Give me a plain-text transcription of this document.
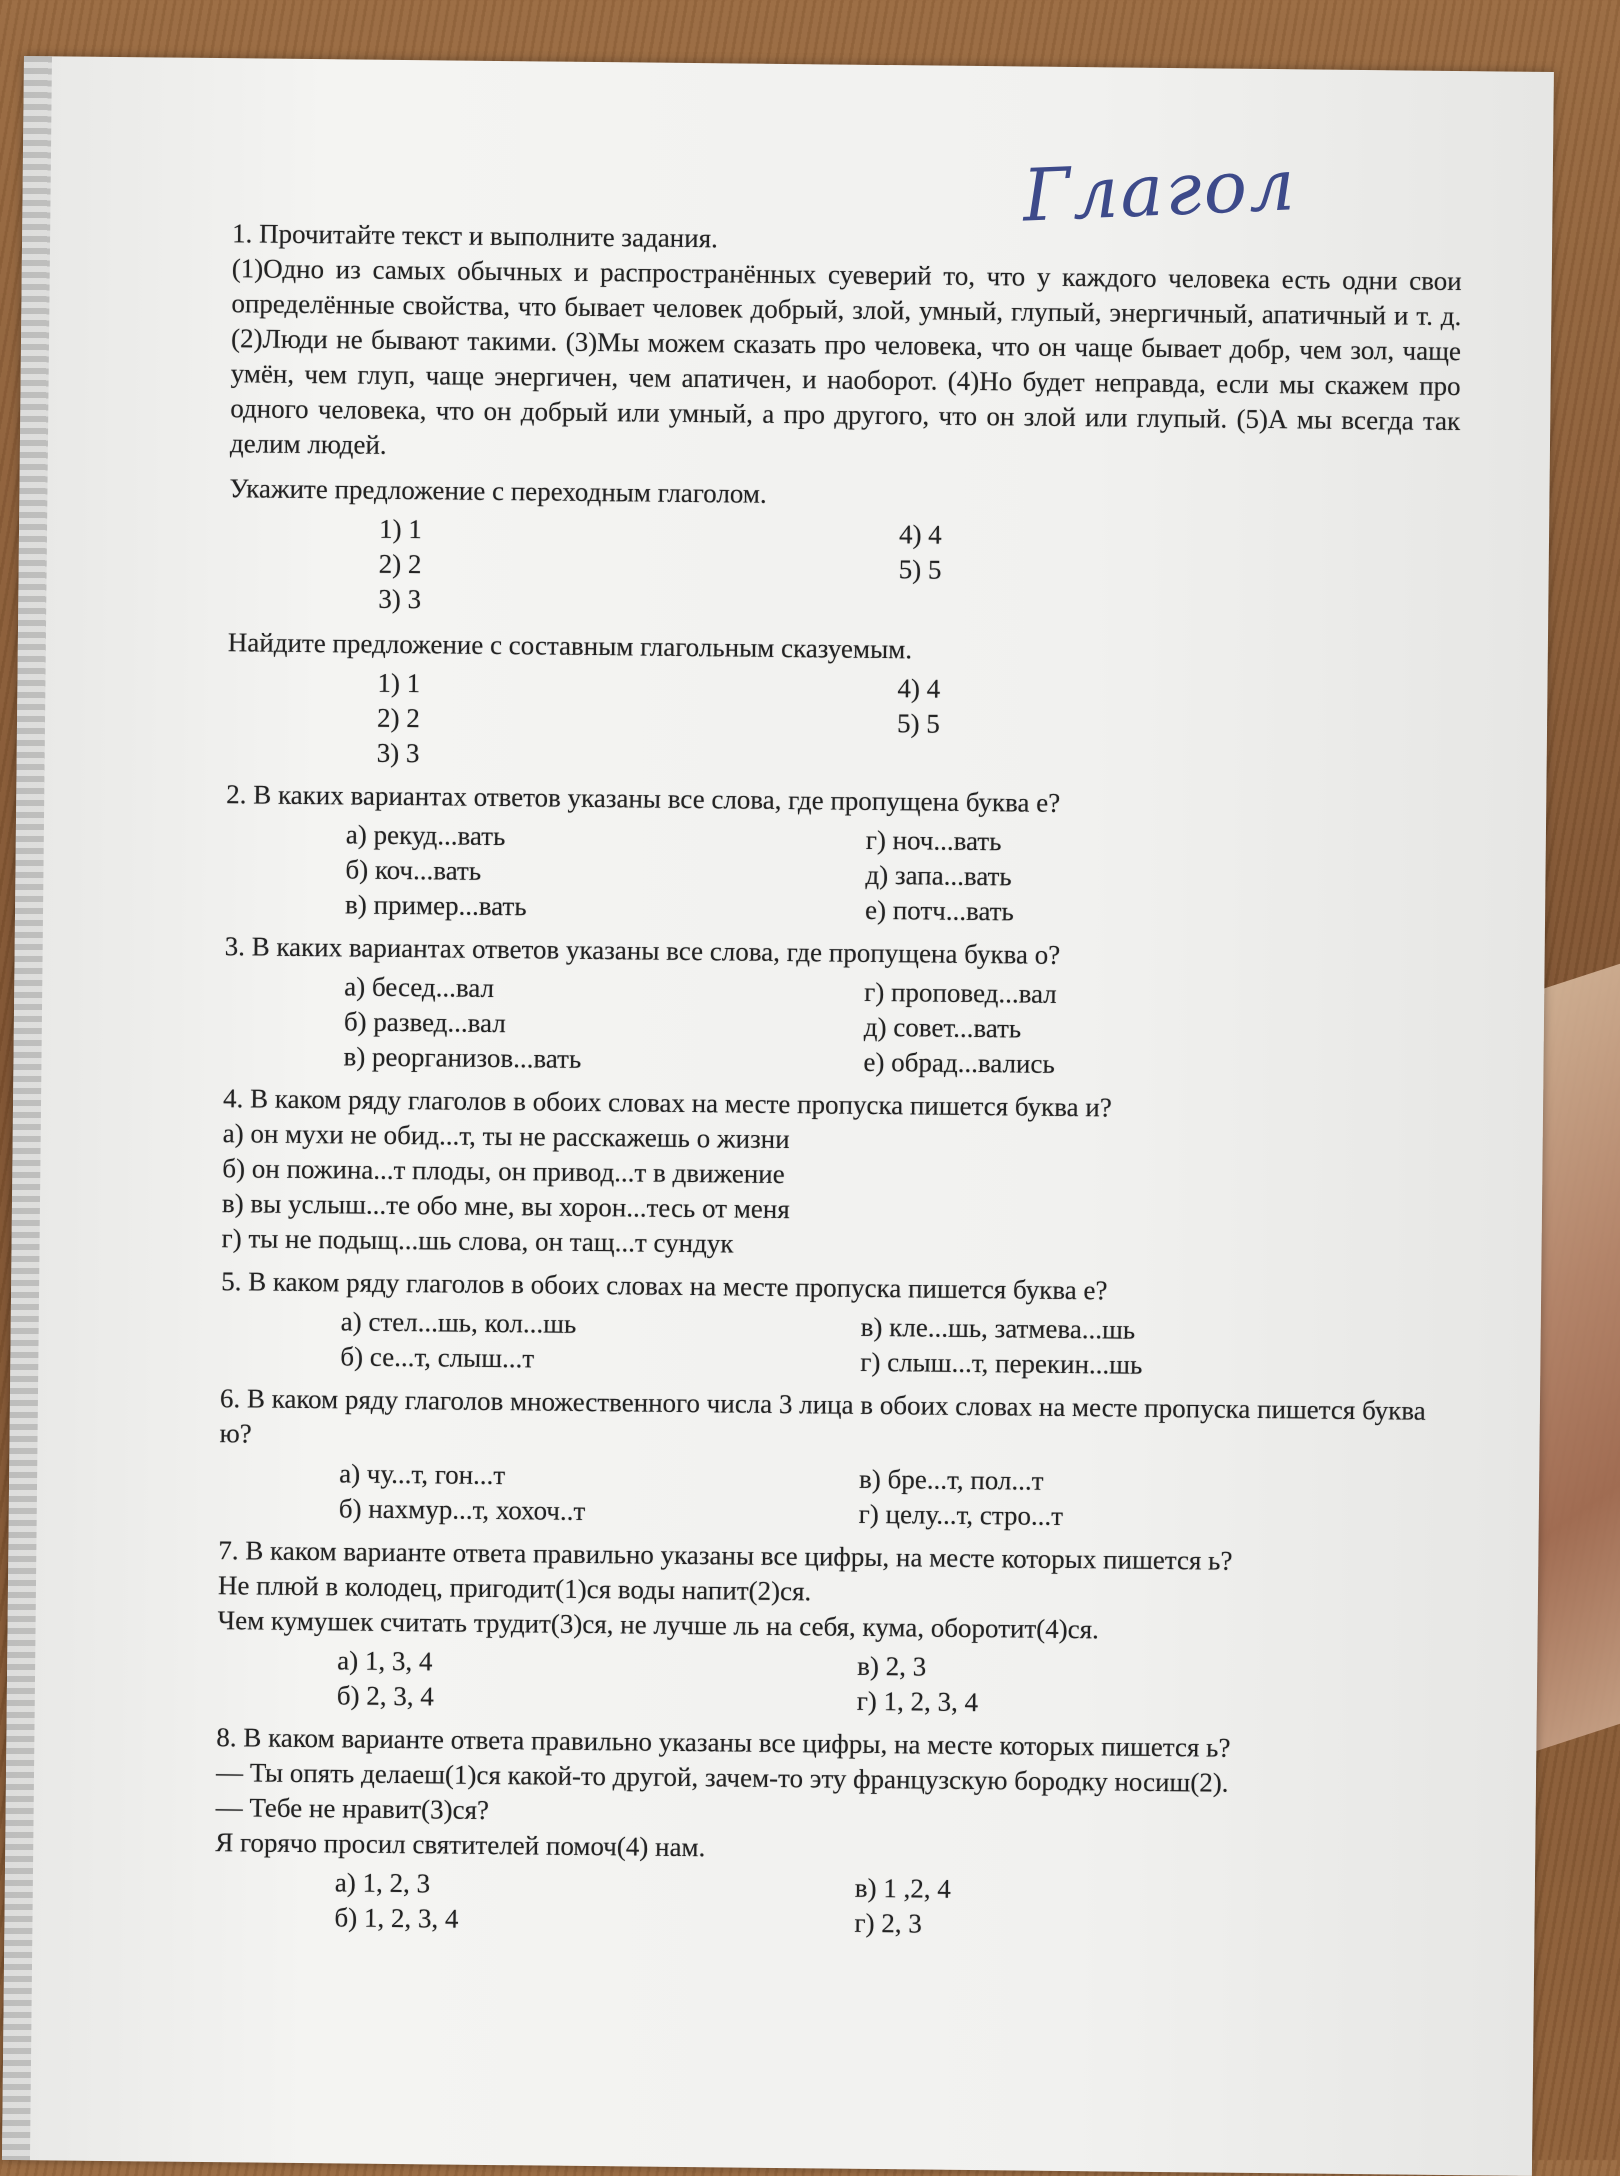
Глагол

1. Прочитайте текст и выполните задания.

(1)Одно из самых обычных и распространённых суеверий то, что у каждого человека есть одни свои определённые свойства, что бывает человек добрый, злой, умный, глупый, энергичный, апатичный и т. д. (2)Люди не бывают такими. (3)Мы можем сказать про человека, что он чаще бывает добр, чем зол, чаще умён, чем глуп, чаще энергичен, чем апатичен, и наоборот. (4)Но будет неправда, если мы скажем про одного человека, что он добрый или умный, а про другого, что он злой или глупый. (5)А мы всегда так делим людей.

Укажите предложение с переходным глаголом.

1) 1	4) 4
2) 2	5) 5
3) 3

Найдите предложение с составным глагольным сказуемым.

1) 1	4) 4
2) 2	5) 5
3) 3

2. В каких вариантах ответов указаны все слова, где пропущена буква е?

а) рекуд...вать	г) ноч...вать
б) коч...вать	д) запа...вать
в) пример...вать	е) потч...вать

3. В каких вариантах ответов указаны все слова, где пропущена буква о?

а) бесед...вал	г) проповед...вал
б) развед...вал	д) совет...вать
в) реорганизов...вать	е) обрад...вались

4. В каком ряду глаголов в обоих словах на месте пропуска пишется буква и?

а) он мухи не обид...т, ты не расскажешь о жизни

б) он пожина...т плоды, он привод...т в движение

в) вы услыш...те обо мне, вы хорон...тесь от меня

г) ты не подыщ...шь слова, он тащ...т сундук

5. В каком ряду глаголов в обоих словах на месте пропуска пишется буква е?

а) стел...шь, кол...шь	в) кле...шь, затмева...шь
б) се...т, слыш...т	г) слыш...т, перекин...шь

6. В каком ряду глаголов множественного числа 3 лица в обоих словах на месте пропуска пишется буква ю?

а) чу...т, гон...т	в) бре...т, пол...т
б) нахмур...т, хохоч..т	г) целу...т, стро...т

7. В каком варианте ответа правильно указаны все цифры, на месте которых пишется ь?

Не плюй в колодец, пригодит(1)ся воды напит(2)ся.

Чем кумушек считать трудит(3)ся, не лучше ль на себя, кума, оборотит(4)ся.

а) 1, 3, 4	в) 2, 3
б) 2, 3, 4	г) 1, 2, 3, 4

8. В каком варианте ответа правильно указаны все цифры, на месте которых пишется ь?

— Ты опять делаеш(1)ся какой-то другой, зачем-то эту французскую бородку носиш(2).

— Тебе не нравит(3)ся?

Я горячо просил святителей помоч(4) нам.

а) 1, 2, 3	в) 1 ,2, 4
б) 1, 2, 3, 4	г) 2, 3
